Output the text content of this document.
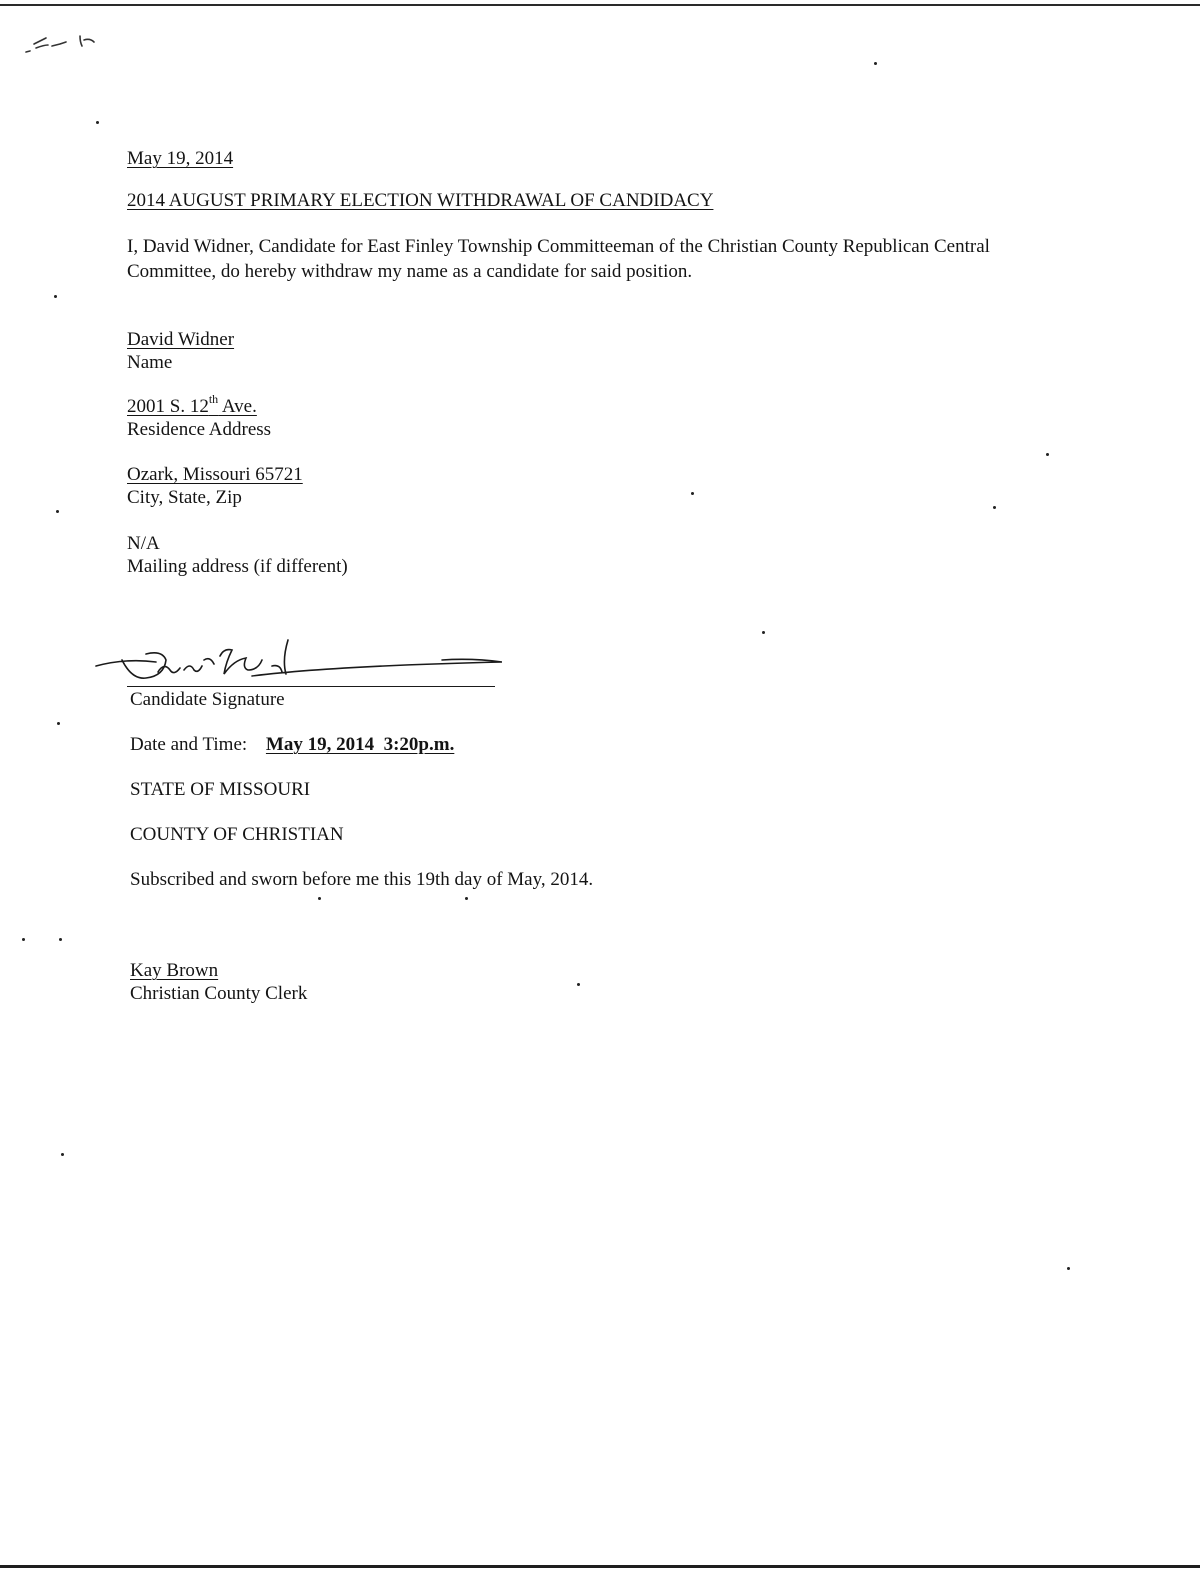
May 19, 2014
2014 AUGUST PRIMARY ELECTION WITHDRAWAL OF CANDIDACY
I, David Widner, Candidate for East Finley Township Committeeman of the Christian County Republican Central
Committee, do hereby withdraw my name as a candidate for said position.
David Widner
Name
2001 S. 12th Ave.
Residence Address
Ozark, Missouri 65721
City, State, Zip
N/A
Mailing address (if different)
Candidate Signature
Date and Time: May 19, 2014  3:20p.m.
STATE OF MISSOURI
COUNTY OF CHRISTIAN
Subscribed and sworn before me this 19th day of May, 2014.
Kay Brown
Christian County Clerk
